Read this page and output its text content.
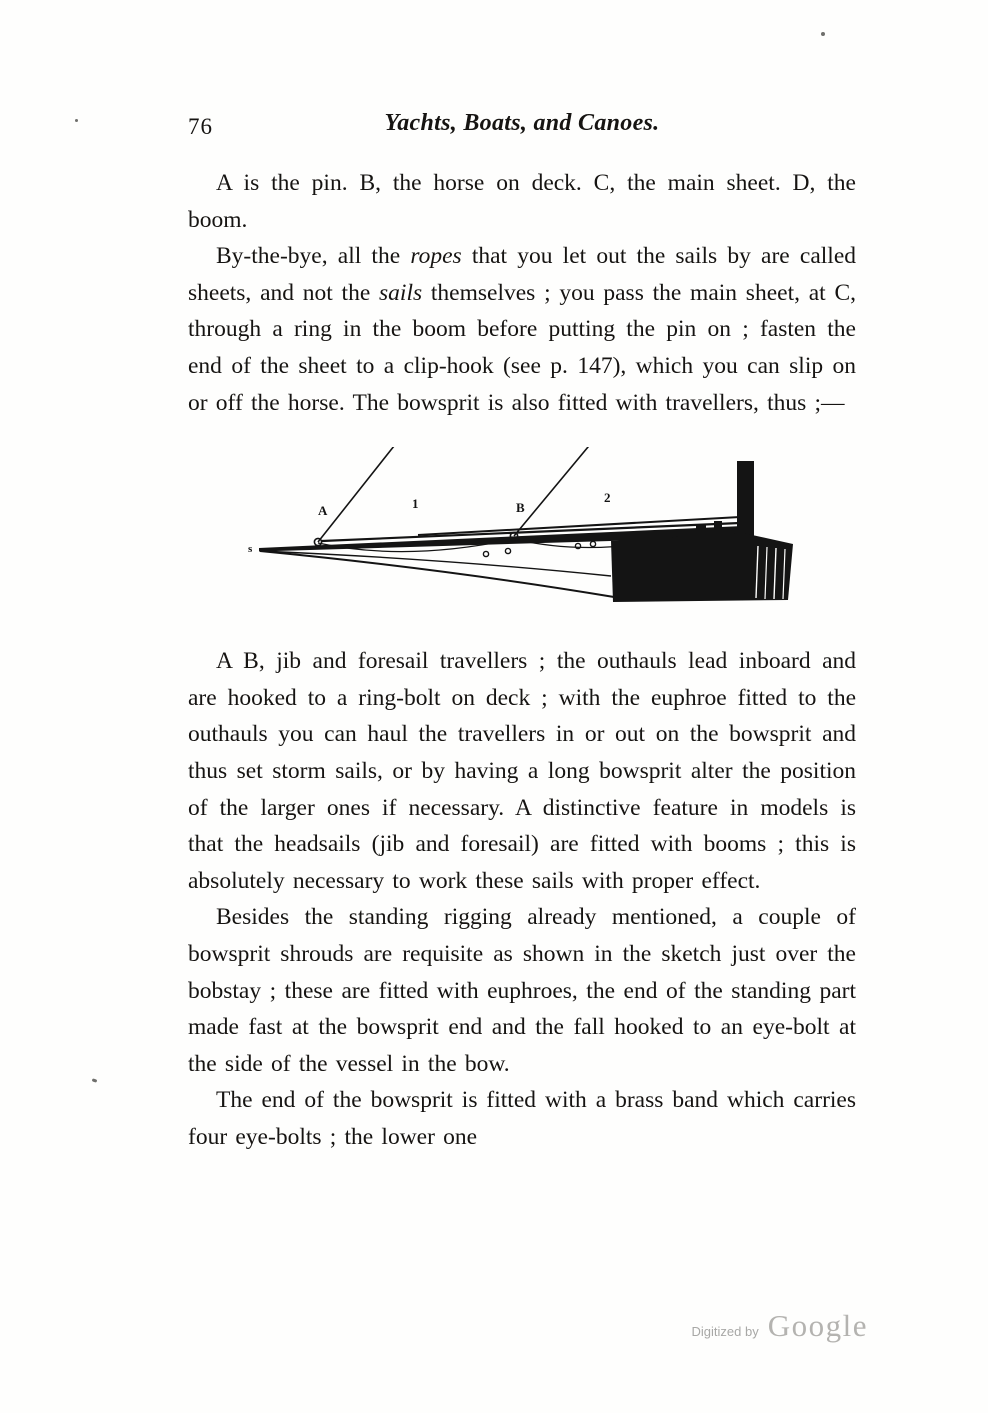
76	Yachts, Boats, and Canoes.

A is the pin. B, the horse on deck. C, the main sheet. D, the boom.

By-the-bye, all the ropes that you let out the sails by are called sheets, and not the sails themselves ; you pass the main sheet, at C, through a ring in the boom before putting the pin on ; fasten the end of the sheet to a clip-hook (see p. 147), which you can slip on or off the horse. The bowsprit is also fitted with travellers, thus ;—

s
A	1	B
2

A B, jib and foresail travellers ; the outhauls lead inboard and are hooked to a ring-bolt on deck ; with the euphroe fitted to the outhauls you can haul the travellers in or out on the bowsprit and thus set storm sails, or by having a long bowsprit alter the position of the larger ones if necessary. A distinctive feature in models is that the headsails (jib and foresail) are fitted with booms ; this is absolutely necessary to work these sails with proper effect.

Besides the standing rigging already mentioned, a couple of bowsprit shrouds are requisite as shown in the sketch just over the bobstay ; these are fitted with euphroes, the end of the standing part made fast at the bowsprit end and the fall hooked to an eye-bolt at the side of the vessel in the bow.

The end of the bowsprit is fitted with a brass band which carries four eye-bolts ; the lower one

Digitized by Google
